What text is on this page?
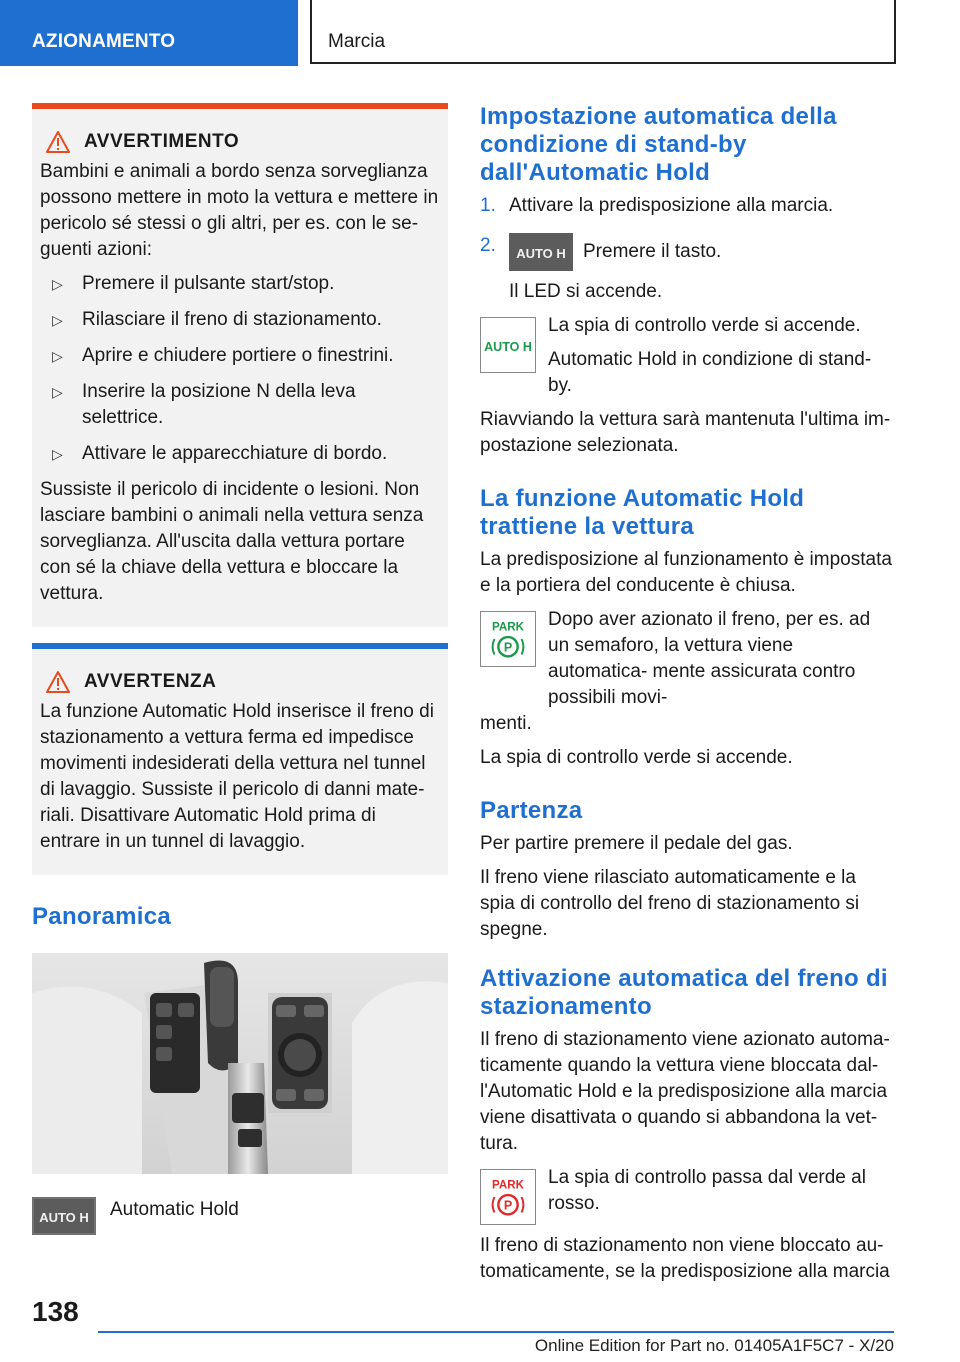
AZIONAMENTO	Marcia
AVVERTIMENTO

Bambini e animali a bordo senza sorveglianza possono mettere in moto la vettura e mettere in pericolo sé stessi o gli altri, per es. con le se- guenti azioni:

▷ Premere il pulsante start/stop.
▷ Rilasciare il freno di stazionamento.
▷ Aprire e chiudere portiere o finestrini.
▷ Inserire la posizione N della leva selettrice.
▷ Attivare le apparecchiature di bordo.

Sussiste il pericolo di incidente o lesioni. Non lasciare bambini o animali nella vettura senza sorveglianza. All'uscita dalla vettura portare con sé la chiave della vettura e bloccare la vettura.

AVVERTENZA

La funzione Automatic Hold inserisce il freno di stazionamento a vettura ferma ed impedisce movimenti indesiderati della vettura nel tunnel di lavaggio. Sussiste il pericolo di danni mate- riali. Disattivare Automatic Hold prima di entrare in un tunnel di lavaggio.

Panoramica
AUTO H Automatic Hold

Impostazione automatica della condizione di stand-by dall'Automatic Hold
1. Attivare la predisposizione alla marcia.
2. AUTO H Premere il tasto.

Il LED si accende.

AUTO H

La spia di controllo verde si accende.

Automatic Hold in condizione di stand- by.

Riavviando la vettura sarà mantenuta l'ultima im- postazione selezionata.

La funzione Automatic Hold trattiene la vettura

La predisposizione al funzionamento è impostata e la portiera del conducente è chiusa.

PARK
P

Dopo aver azionato il freno, per es. ad un semaforo, la vettura viene automatica- mente assicurata contro possibili movi-

menti.

La spia di controllo verde si accende.

Partenza

Per partire premere il pedale del gas.

Il freno viene rilasciato automaticamente e la spia di controllo del freno di stazionamento si spegne.

Attivazione automatica del freno di stazionamento

Il freno di stazionamento viene azionato automa- ticamente quando la vettura viene bloccata dal- l'Automatic Hold e la predisposizione alla marcia viene disattivata o quando si abbandona la vet- tura.

PARK
P

La spia di controllo passa dal verde al rosso.

Il freno di stazionamento non viene bloccato au- tomaticamente, se la predisposizione alla marcia

138
Online Edition for Part no. 01405A1F5C7 - X/20
